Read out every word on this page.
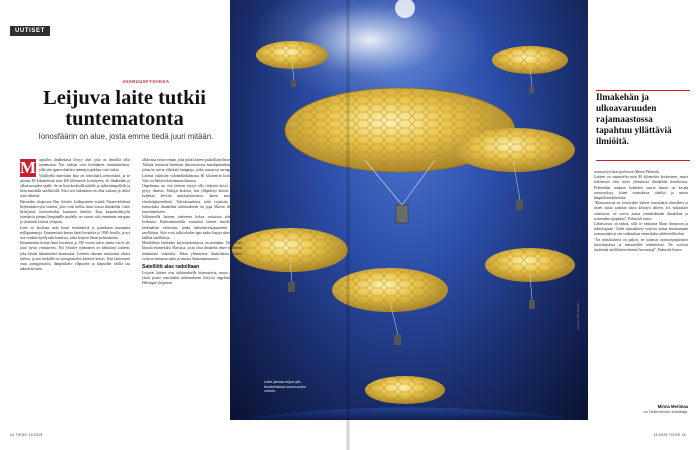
UUTISET
AVARUUSFYSIIKKA
Leijuva laite tutkii tuntematonta
Ionosfäärin on alue, josta emme tiedä juuri mitään.
M aapallon ilmakehästä löytyy alue, joka on ilmiöiltä ollut tuntematon. Nyt tutkijat ovat kehittäneet mittalaitteiston, jolla tätä ignorosfääriksi nimettyä paikkaa voisi tutkia.

Vitalilsella nimettään alue on ionosfäärit–termosfääri, ja se ulottuu 80 kilometristä noin 400 kilometrin korkeuteen, eli ilmakehän ja ulkoavaruuden rajalle. Se on liian korkealla tutkille ja sääluotainpallolle ja liian matalalla satelliiteille. Siksi sen tutkiminen on ollut vaikeaa ja tiedot siitä vähäisiä.

Harvardin yliopiston Ben Schafer kollegoineen esitteli Nature-lehdessä höyhenenkevyen laitteen, joka voisi kellua tässä osassa ilmakehää. Laite hyödyntää fotoforeesiksi kutsuttua ilmiötä: Kun kaasumolekyylit törmäävät pinnan lämpimälle puolelle, ne saavat siitä enemmän energiaa ja työntävät laitetta ylöspäin.

Laite on kooltaan noin kuusi senttimetriä ja painoltaan muutamia milligrammoja. Ensimmäisiä kertaa ilmiö havaittiin jo 1800-luvulla, ja nyt sitä voidaan hyödyntää laitteissa, jotka leijuvat ilman polttoainetta.

Ensimmäisiä kertaa ilmiö havaittiin jo 180 vuotta sitten, mutta sitä ei ole juuri hyvin ymmärretty. Nyt Schafer ryhmineen on kehittänyt laitteen, joka kestää äärimmäistä kuumuutta. Laitteen rakenne muistuttaa ohutta kalvoa, ja sen keskellä on auringonvaloa keräävä kerros. Kun laitteeseen osuu auringonvaloa, lämpötilaero yläpuolen ja alapuolen välillä saa aikaan nosteen.

alhaisissa nostovoiman, joka pitää laitteen paikoillaan ilmassa.

Tutkijat testasivat laitettaan laboratoriossa matalapainekammiossa, johon he tuivat ylikeksiä lamppuja, jotka vastasivat auringonvaloa. Laitetta valaistiin valonnäkökulmasta 60 kilometrin korkeudesta. Valo sai laitteen kohoamaan ilmassa.

Ongelmana on, että laitteen täytyy olla riittävän kevyt, jotta se pysyy ilmassa. Tutkijat laskivat, että ylläpidetyt laitteet voisivat kuljettaa kevyttä mittauslaitteistoa, kuten anturit ja viestintäjärjestelmiä. Tulevaisuudessa niitä voitaisiin käyttää esimerkiksi ilmakehän tutkimukseen tai jopa Marsin ilmakehän kartoittamiseen.

Valitsemalla laitteen rakenteen kokoa voitaisiin säätää sen korkeutta. Radioantenneilla varustetut laitteet muodostaisivat keskinäisen verkoston, jonka tiedonsiirtokapasiteetti vastaisi satelliitteja. Siitä voisi tulla tehokas tapa tutkia laajoja alueita ilman kalliita satelliitteja.

Mahdollisia laitteiden käyttötarkoituksia on muitakin. Niitä voisi käyttää esimerkiksi Marsissa, jossa ohut ilmakehä tekee tavallisen lentämisen vaikeaksi. Maan ylemmässä ilmakehässä laitteet voisivat ennustaa säätä ja seurata ilmastonmuutosta.

Satelliitit alas radoiltaan

Leijuvat laitteet ovat tutkimukselle kiinnostavia, mutta ne eivät yksin poista ionosfäärin tutkimukseen liittyviä ongelmia, sanoo Helsingin yliopiston

Laite jaksaa leijua ylä-ilmakehässä kuumuuden voimin.
Kuvitus: Ben Schafer
Ilmakehän ja ulkoavaruuden rajamaastossa tapahtuu yllättäviä ilmiöitä.

avaruusfyysikon professori Minna Palmroth.

Laitteet on suunniteltu noin 80 kilometrin korkeuteen, mutta tutkittavaa olisi myös ylemmissä ilmakehän kerroksissa. Palmrothin mukaan laitteiden suurin haaste on kestää avaruusoloja, kuten voimakasta säteilyä ja suuria lämpötilanvaihteluita.

”Kiinnostavaa on, kestävätkö laitteet ionosfäärin olosuhteet ja miten niistä saadaan dataa kerättyä talteen. Jos mittaukset onnistuvat, ne voivat auttaa ymmärtämään ilmakehän ja avaruuden rajapintaa”, Palmroth sanoo.

Lähiavaruus on tärkeä, sillä se vaikuttaa Maan ilmastoon ja teknologiaan. Uudet mittalaitteet voisivat auttaa ennustamaan avaruussäätä ja sen vaikutuksia esimerkiksi sähköverkkoihin.

”Jos mittalaitteita on paljon, ne auttavat avaruusympäristön kartoituksessa ja ennusteiden tekemisessä. Ne voisivat täydentää satelliittien tekemiä havaintoja”, Palmroth kertoo.

Minna Merimaa
on Tiede-lehden toimittaja.
14 TIEDE 11/2025	11/2025 TIEDE 15
